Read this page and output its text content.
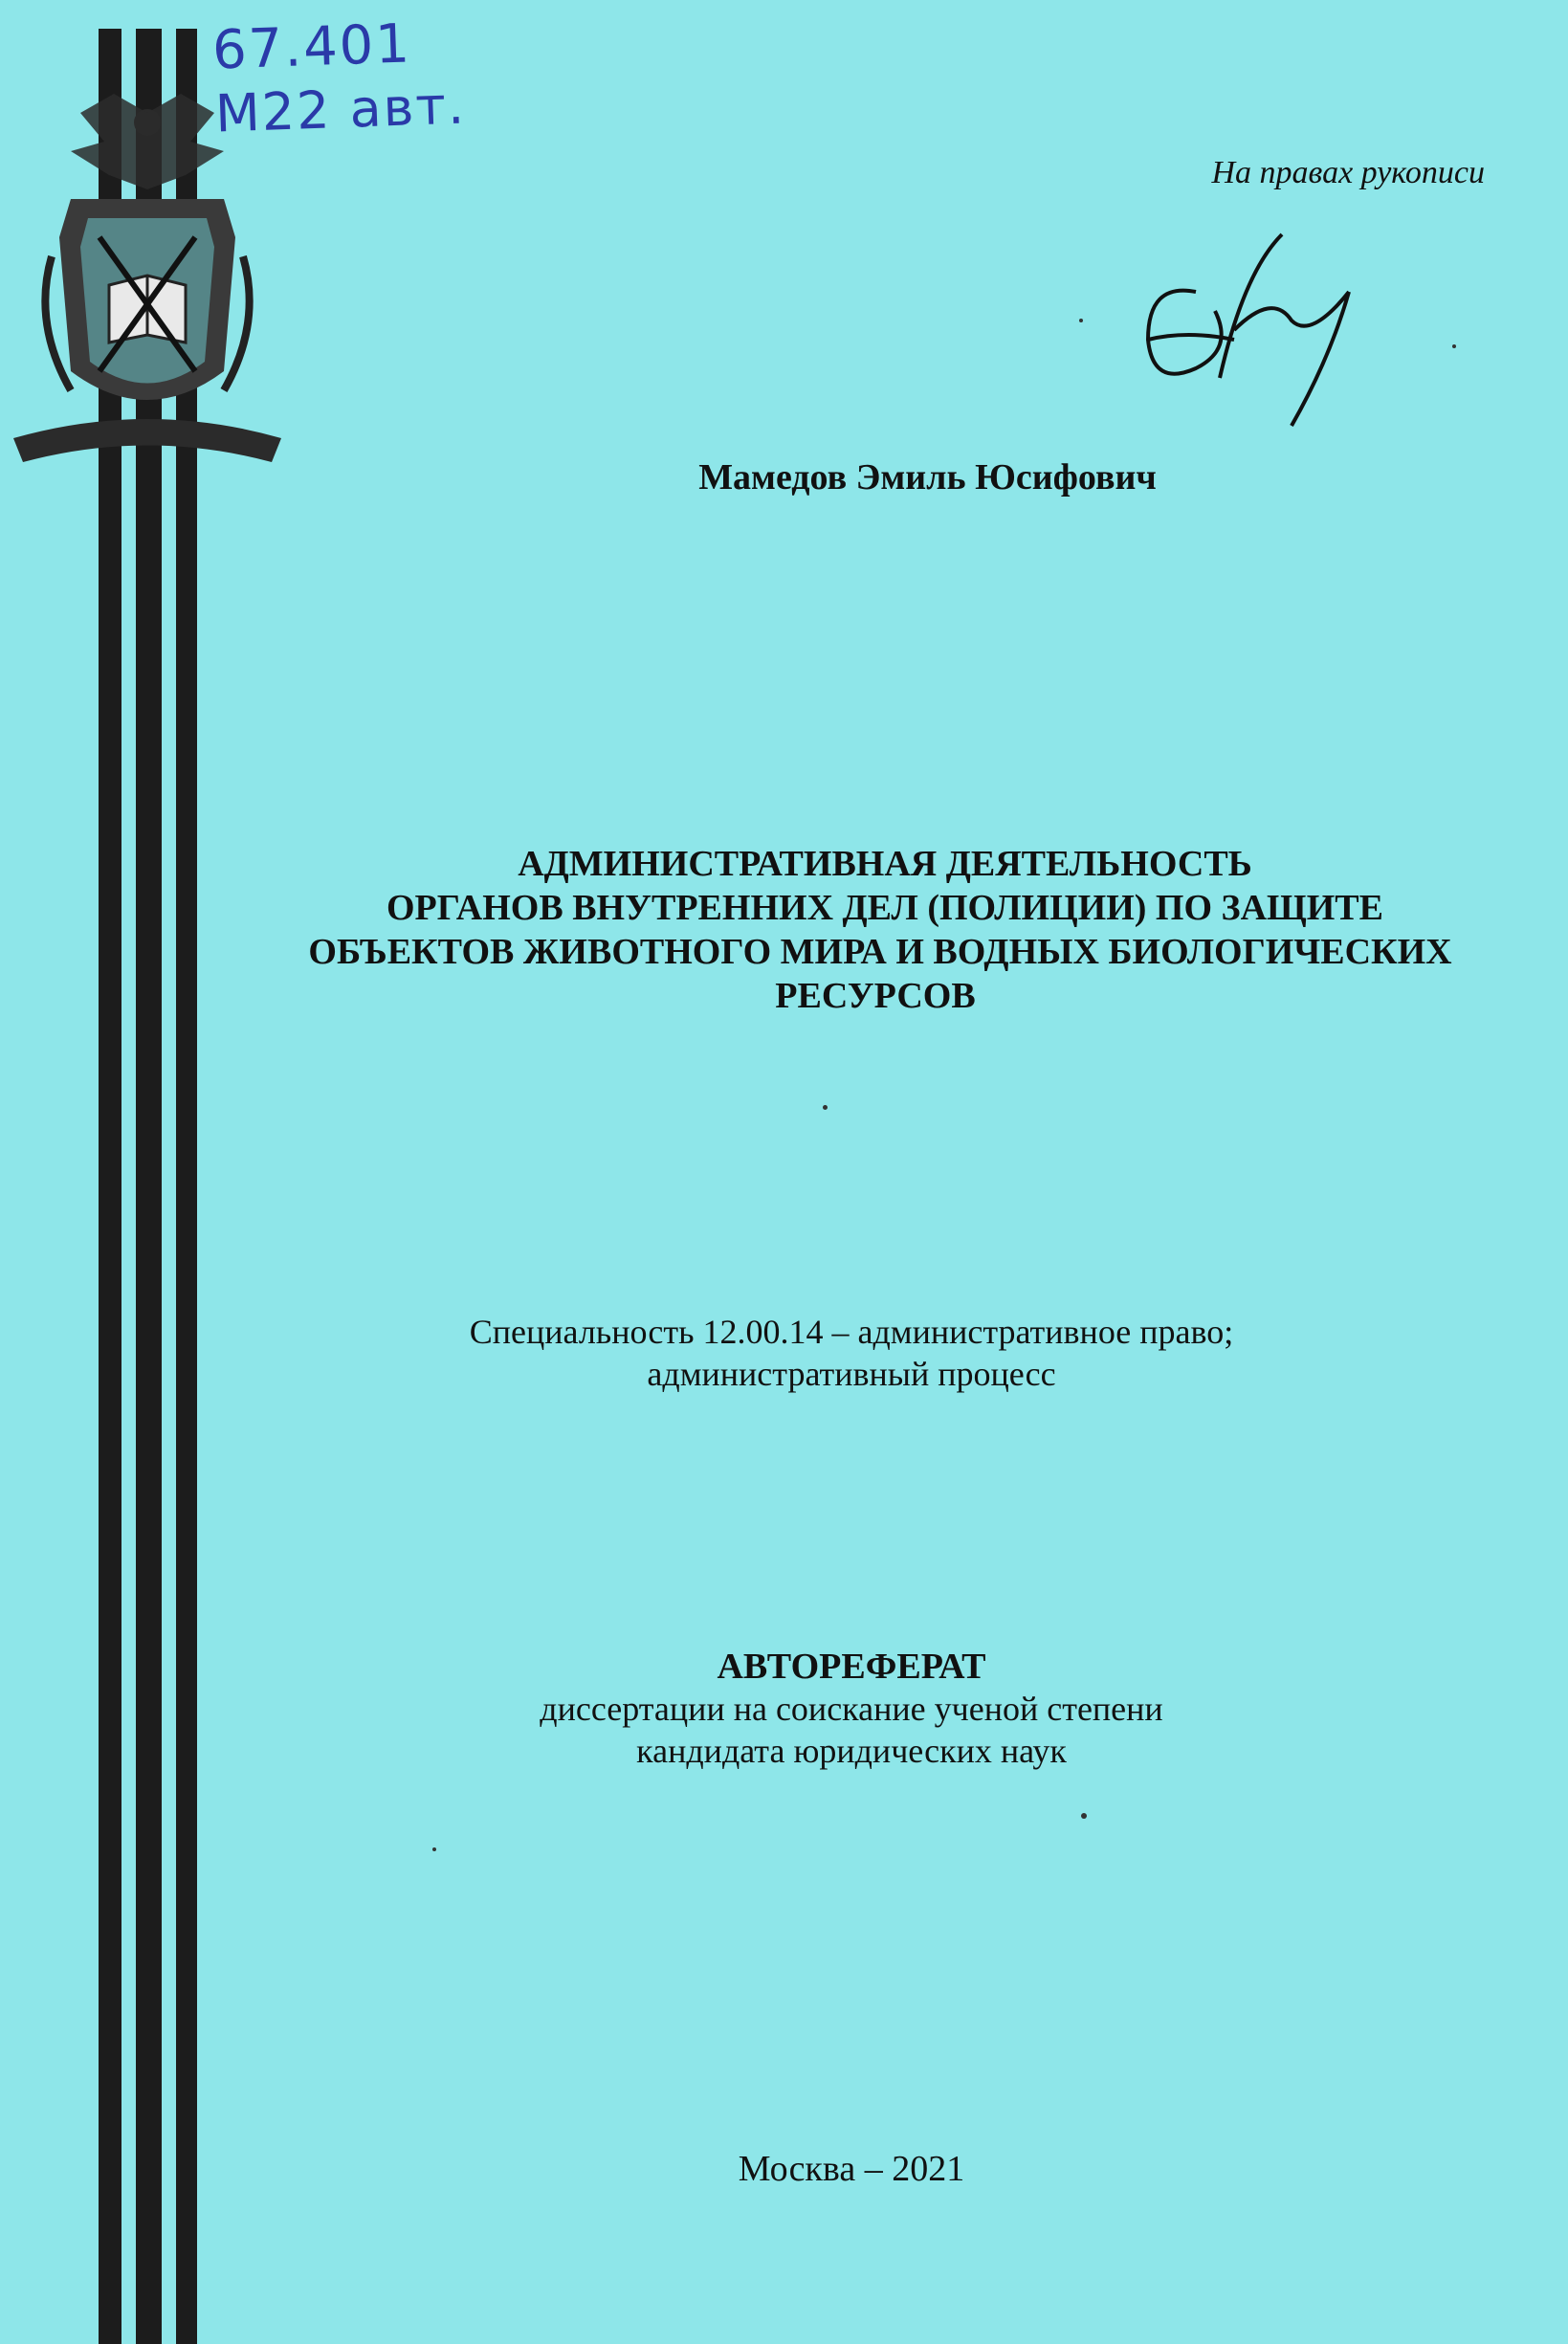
67.401
М22 авт.
На правах рукописи
Мамедов Эмиль Юсифович
АДМИНИСТРАТИВНАЯ ДЕЯТЕЛЬНОСТЬ
ОРГАНОВ ВНУТРЕННИХ ДЕЛ (ПОЛИЦИИ) ПО ЗАЩИТЕ
ОБЪЕКТОВ ЖИВОТНОГО МИРА И ВОДНЫХ БИОЛОГИЧЕСКИХ
РЕСУРСОВ
Специальность 12.00.14 – административное право;
административный процесс
АВТОРЕФЕРАТ
диссертации на соискание ученой степени
кандидата юридических наук
Москва – 2021
